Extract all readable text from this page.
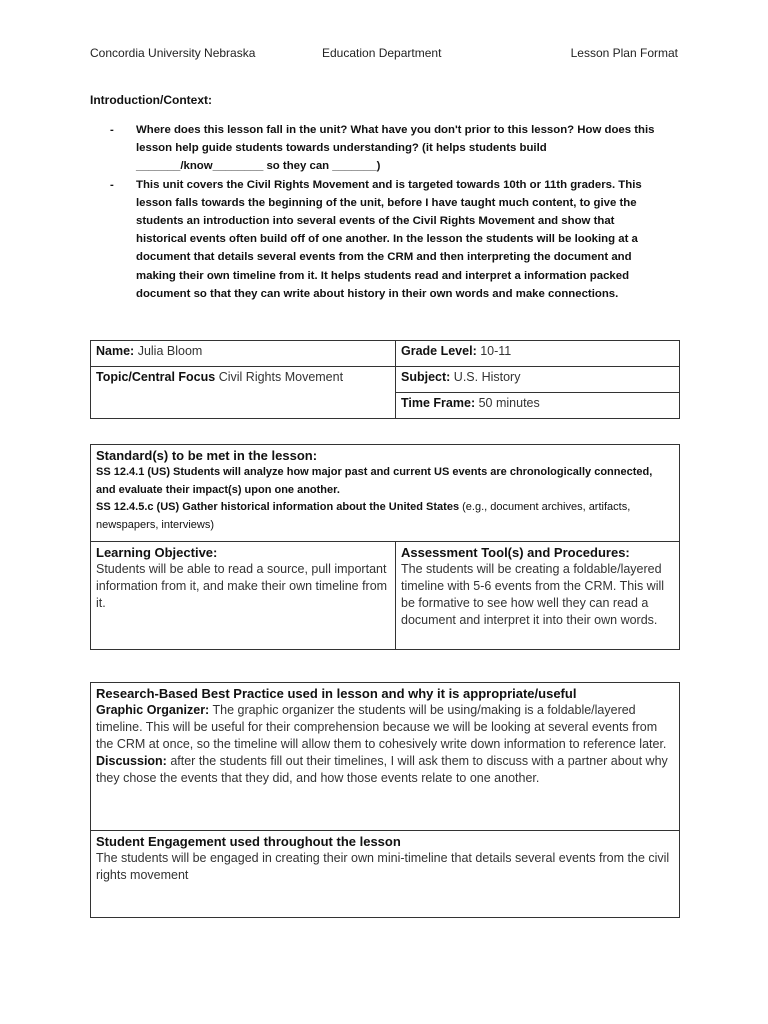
Concordia University Nebraska	Education Department	Lesson Plan Format
Introduction/Context:
- Where does this lesson fall in the unit? What have you don't prior to this lesson? How does this lesson help guide students towards understanding? (it helps students build _______/know________ so they can _______)
- This unit covers the Civil Rights Movement and is targeted towards 10th or 11th graders. This lesson falls towards the beginning of the unit, before I have taught much content, to give the students an introduction into several events of the Civil Rights Movement and show that historical events often build off of one another. In the lesson the students will be looking at a document that details several events from the CRM and then interpreting the document and making their own timeline from it. It helps students read and interpret a information packed document so that they can write about history in their own words and make connections.
Name: Julia Bloom	Grade Level: 10-11
Topic/Central Focus Civil Rights Movement	Subject: U.S. History
	Time Frame: 50 minutes
Standard(s) to be met in the lesson:
SS 12.4.1 (US) Students will analyze how major past and current US events are chronologically connected, and evaluate their impact(s) upon one another.
SS 12.4.5.c (US) Gather historical information about the United States (e.g., document archives, artifacts, newspapers, interviews)

Learning Objective:
Students will be able to read a source, pull important information from it, and make their own timeline from it.

Assessment Tool(s) and Procedures:
The students will be creating a foldable/layered timeline with 5-6 events from the CRM. This will be formative to see how well they can read a document and interpret it into their own words.
Research-Based Best Practice used in lesson and why it is appropriate/useful
Graphic Organizer: The graphic organizer the students will be using/making is a foldable/layered timeline. This will be useful for their comprehension because we will be looking at several events from the CRM at once, so the timeline will allow them to cohesively write down information to reference later.
Discussion: after the students fill out their timelines, I will ask them to discuss with a partner about why they chose the events that they did, and how those events relate to one another.

Student Engagement used throughout the lesson
The students will be engaged in creating their own mini-timeline that details several events from the civil rights movement
